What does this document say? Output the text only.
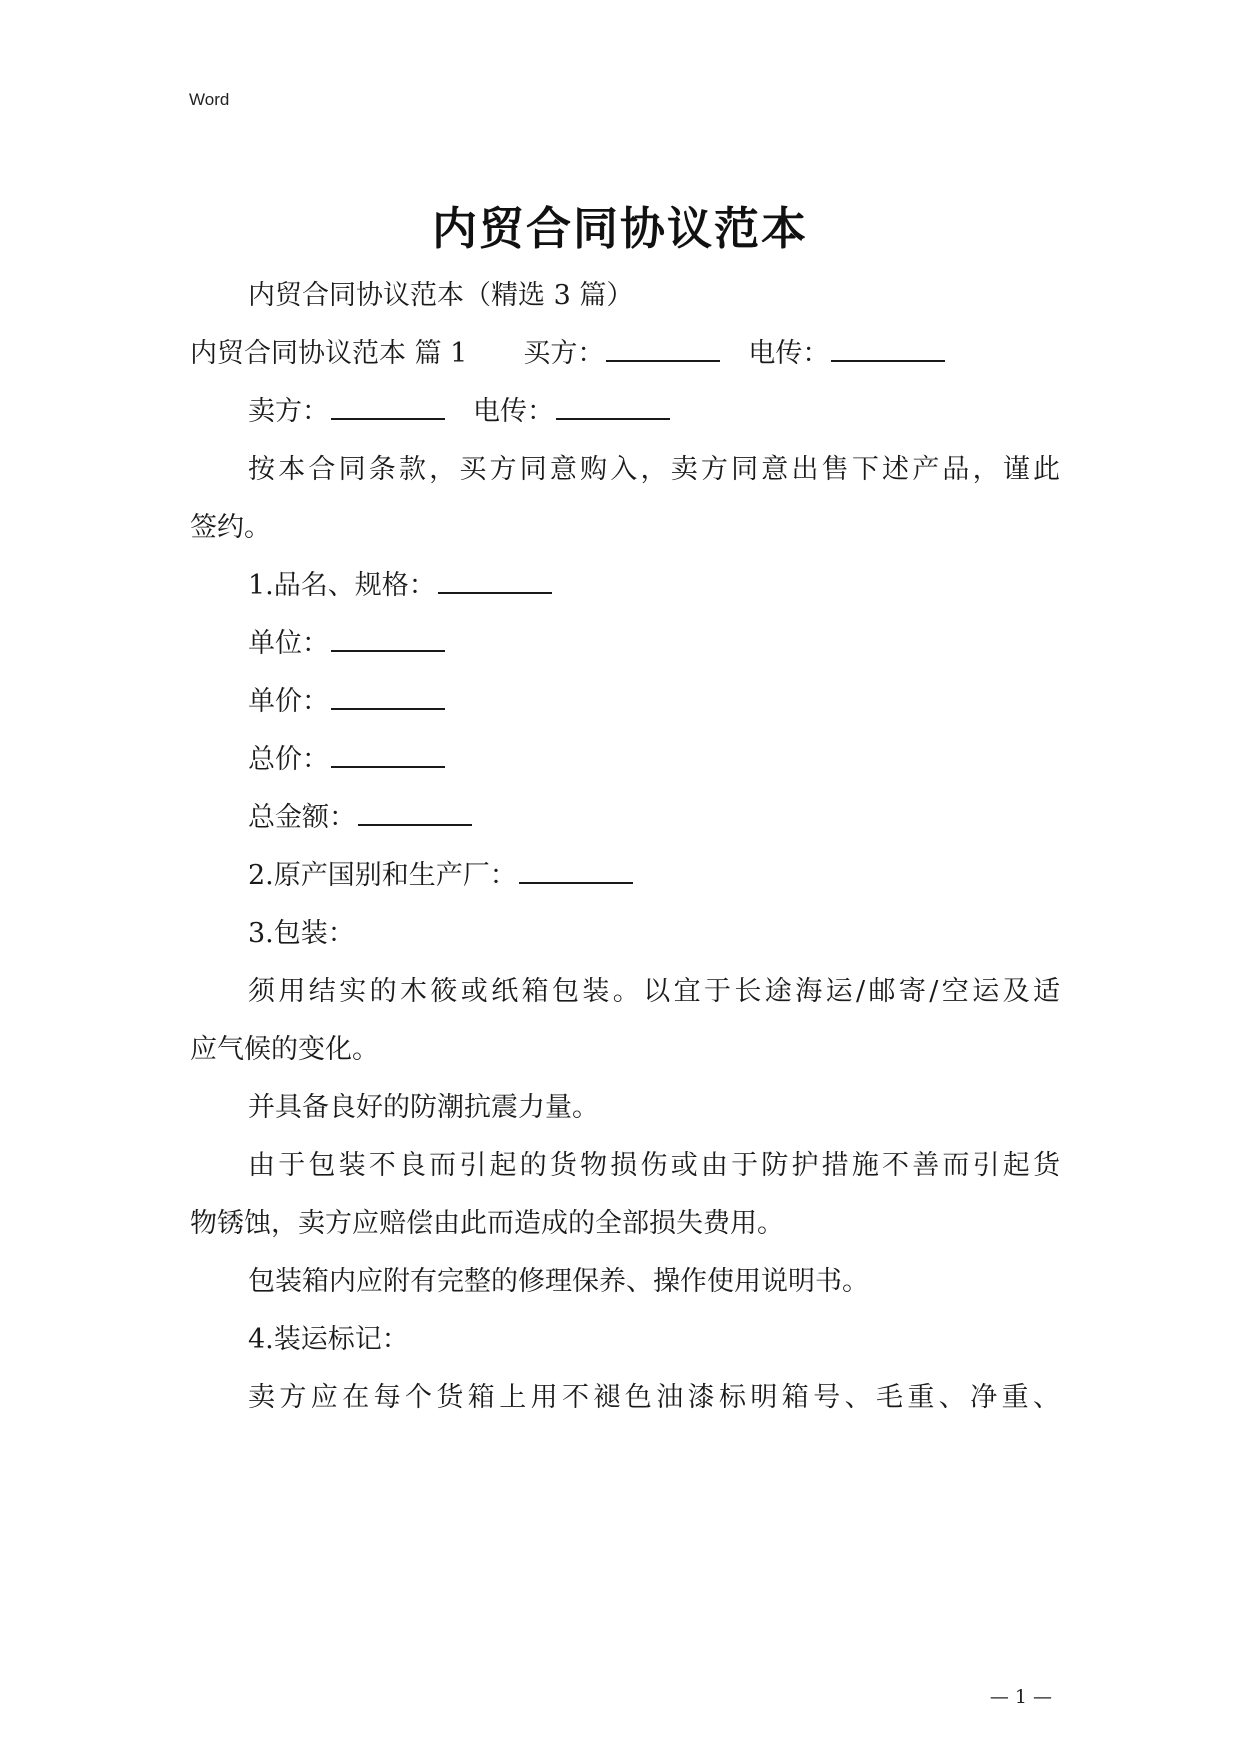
Word
内贸合同协议范本
内贸合同协议范本（精选 3 篇）
内贸合同协议范本 篇 1 买方：	电传：
卖方：	电传：
按本合同条款，买方同意购入，卖方同意出售下述产品，谨此
签约。
1.品名、规格：
单位：
单价：
总价：
总金额：
2.原产国别和生产厂：
3.包装：
须用结实的木筱或纸箱包装。以宜于长途海运/邮寄/空运及适
应气候的变化。
并具备良好的防潮抗震力量。
由于包装不良而引起的货物损伤或由于防护措施不善而引起货
物锈蚀，卖方应赔偿由此而造成的全部损失费用。
包装箱内应附有完整的修理保养、操作使用说明书。
4.装运标记：
卖方应在每个货箱上用不褪色油漆标明箱号、毛重、净重、
— 1 —
